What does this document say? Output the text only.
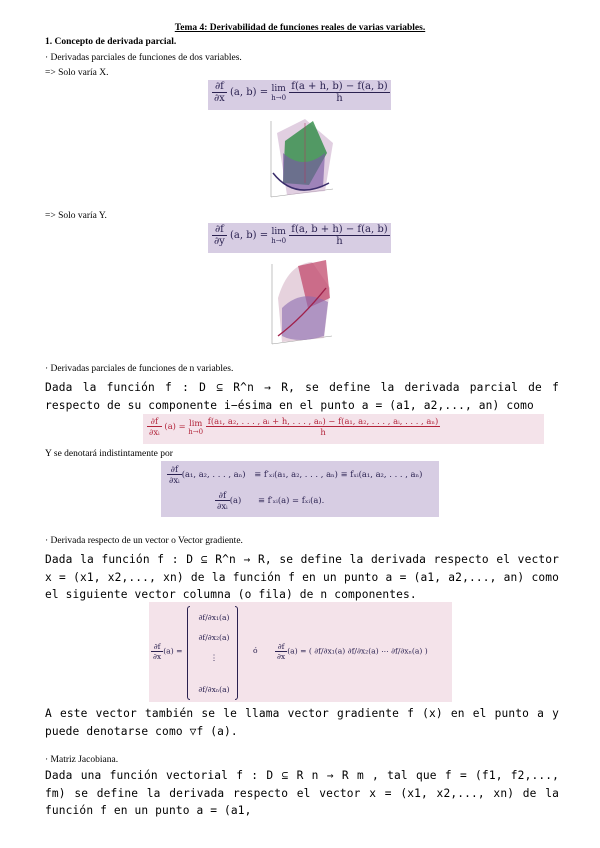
Tema 4: Derivabilidad de funciones reales de varias variables.
1. Concepto de derivada parcial.
· Derivadas parciales de funciones de dos variables.
=> Solo varía X.
$\frac{\partial f}{\partial x} (a$, b) = lim
h→0
$\frac{f(a + h, b) - f(a, b)}{h}$
=> Solo varía Y.
$\frac{\partial f}{\partial y} (a$, b) = lim
h→0
$\frac{f(a, b + h) - f(a, b)}{h}$
· Derivadas parciales de funciones de n variables.
Dada la función f : D ⊆ R^n → R, se define la derivada parcial de f respecto de su componente i−ésima en el punto a = (a1, a2,..., an) como
$\frac{\partial f}{\text{∂xᵢ}} (a) = \lim$
h→0

f(a₁, a₂, . . . , aᵢ + h, . . . , aₙ) − f(a₁, a₂, . . . , aᵢ, . . . , aₙ)
h
Y se denotará indistintamente por
$\frac{\partial f}{\text{∂xᵢ}} (a_1$, a₂, . . . , aₙ) ≡ f′ₓᵢ(a₁, a₂, . . . , aₙ) ≡ fₓᵢ(a₁, a₂, . . . , aₙ)
$\frac{\partial f}{\text{∂xᵢ}} (a)$ ≡ f′ₓᵢ(a) = fₓᵢ(a).
· Derivada respecto de un vector o Vector gradiente.
Dada la función f : D ⊆ R^n → R, se define la derivada respecto el vector x = (x1, x2,..., xn) de la función f en un punto a = (a1, a2,..., an) como el siguiente vector columna (o fila) de n componentes.
$\frac{\partial f}{\partial x} (a)$ =
∂f/∂x₁(a)
∂f/∂x₂(a)
⋮
∂f/∂xₙ(a)
ó $\frac{\partial f}{\partial x} (a)$ = ( ∂f/∂x₁(a) ∂f/∂x₂(a) ⋯ ∂f/∂xₙ(a) )
A este vector también se le llama vector gradiente f (x) en el punto a y puede denotarse como ▽f (a).
· Matriz Jacobiana.
Dada una función vectorial f : D ⊆ R n → R m , tal que f = (f1, f2,..., fm) se define la derivada respecto el vector x = (x1, x2,..., xn) de la función f en un punto a = (a1,
